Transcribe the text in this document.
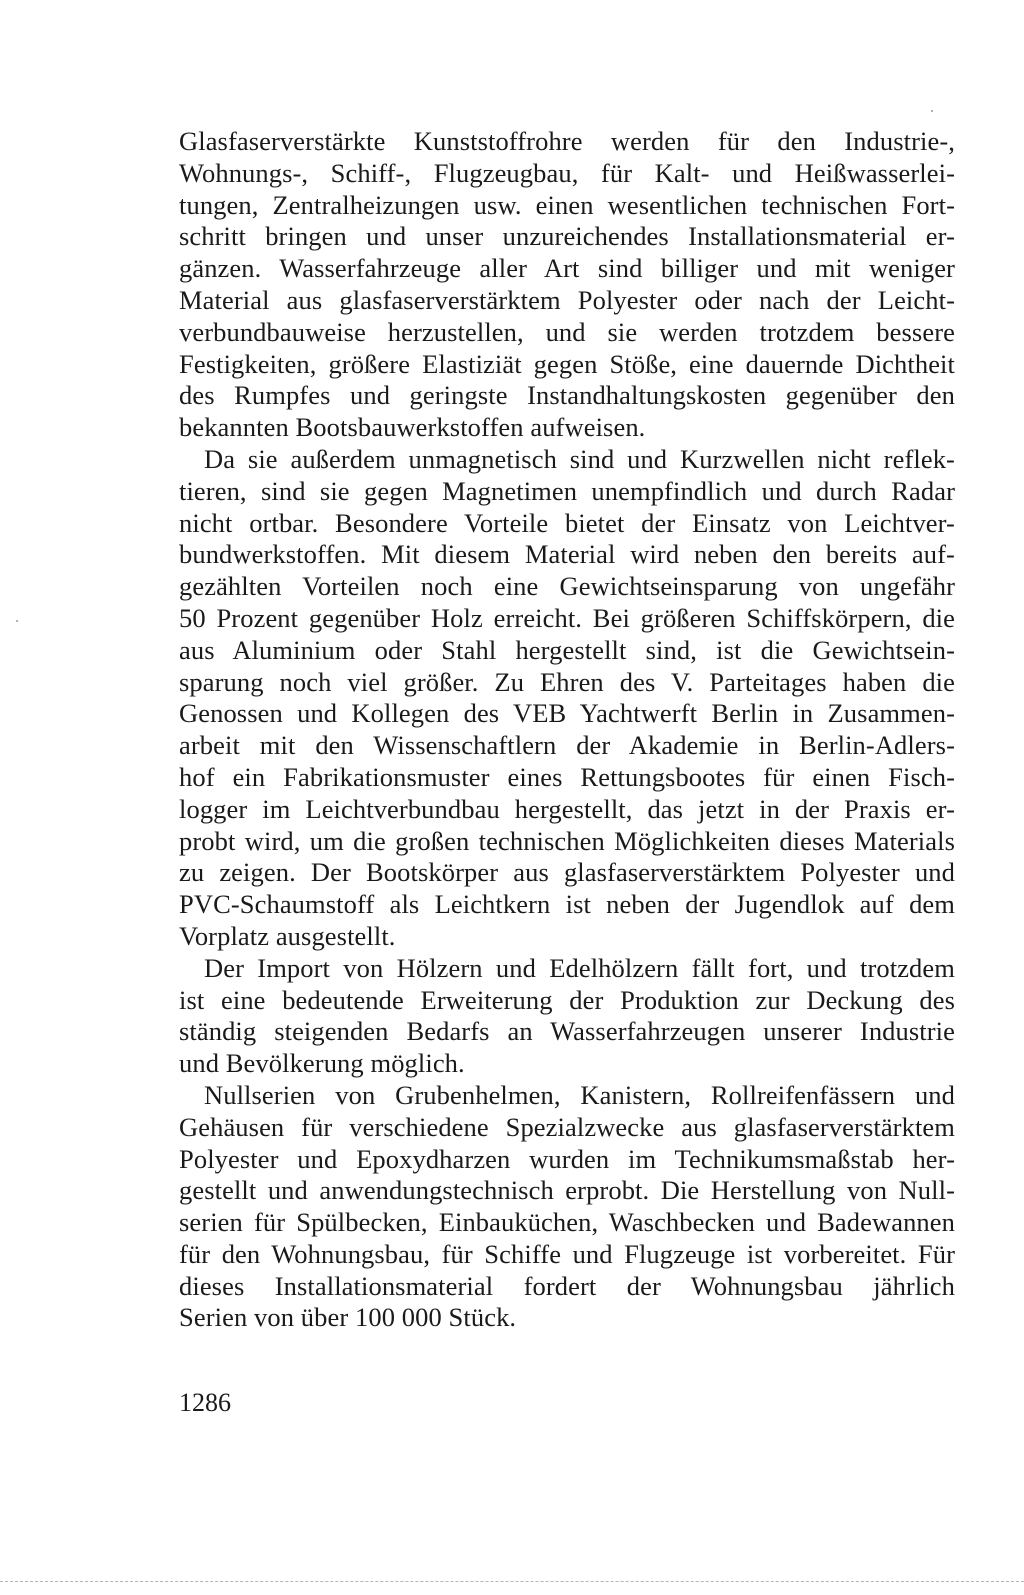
Glasfaserverstärkte Kunststoffrohre werden für den Industrie-,
Wohnungs-, Schiff-, Flugzeugbau, für Kalt- und Heißwasserlei-
tungen, Zentralheizungen usw. einen wesentlichen technischen Fort-
schritt bringen und unser unzureichendes Installationsmaterial er-
gänzen. Wasserfahrzeuge aller Art sind billiger und mit weniger
Material aus glasfaserverstärktem Polyester oder nach der Leicht-
verbundbauweise herzustellen, und sie werden trotzdem bessere
Festigkeiten, größere Elastiziät gegen Stöße, eine dauernde Dichtheit
des Rumpfes und geringste Instandhaltungskosten gegenüber den
bekannten Bootsbauwerkstoffen aufweisen.
Da sie außerdem unmagnetisch sind und Kurzwellen nicht reflek-
tieren, sind sie gegen Magnetimen unempfindlich und durch Radar
nicht ortbar. Besondere Vorteile bietet der Einsatz von Leichtver-
bundwerkstoffen. Mit diesem Material wird neben den bereits auf-
gezählten Vorteilen noch eine Gewichtseinsparung von ungefähr
50 Prozent gegenüber Holz erreicht. Bei größeren Schiffskörpern, die
aus Aluminium oder Stahl hergestellt sind, ist die Gewichtsein-
sparung noch viel größer. Zu Ehren des V. Parteitages haben die
Genossen und Kollegen des VEB Yachtwerft Berlin in Zusammen-
arbeit mit den Wissenschaftlern der Akademie in Berlin-Adlers-
hof ein Fabrikationsmuster eines Rettungsbootes für einen Fisch-
logger im Leichtverbundbau hergestellt, das jetzt in der Praxis er-
probt wird, um die großen technischen Möglichkeiten dieses Materials
zu zeigen. Der Bootskörper aus glasfaserverstärktem Polyester und
PVC-Schaumstoff als Leichtkern ist neben der Jugendlok auf dem
Vorplatz ausgestellt.
Der Import von Hölzern und Edelhölzern fällt fort, und trotzdem
ist eine bedeutende Erweiterung der Produktion zur Deckung des
ständig steigenden Bedarfs an Wasserfahrzeugen unserer Industrie
und Bevölkerung möglich.
Nullserien von Grubenhelmen, Kanistern, Rollreifenfässern und
Gehäusen für verschiedene Spezialzwecke aus glasfaserverstärktem
Polyester und Epoxydharzen wurden im Technikumsmaßstab her-
gestellt und anwendungstechnisch erprobt. Die Herstellung von Null-
serien für Spülbecken, Einbauküchen, Waschbecken und Badewannen
für den Wohnungsbau, für Schiffe und Flugzeuge ist vorbereitet. Für
dieses Installationsmaterial fordert der Wohnungsbau jährlich
Serien von über 100 000 Stück.
1286
